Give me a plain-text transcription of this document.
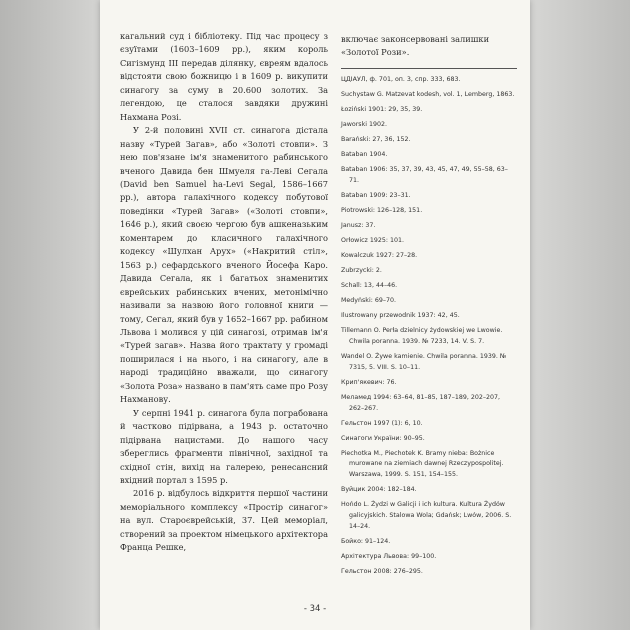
кагальний суд і бібліотеку. Під час процесу з єзуїтами (1603–1609 рр.), яким король Сигізмунд ІІІ передав ділянку, євреям вдалось відстояти свою божницю і в 1609 р. викупити синагогу за суму в 20.600 золотих. За легендою, це сталося завдяки дружині Нахмана Розі.

У 2-й половині XVII ст. синагога дістала назву «Турей Загав», або «Золоті стовпи». З нею пов'язане ім'я знаменитого рабинського вченого Давида бен Шмуеля га-Леві Сегала (David ben Samuel ha-Levi Segal, 1586–1667 рр.), автора галахічного кодексу побутової поведінки «Турей Загав» («Золоті стовпи», 1646 р.), який своєю чергою був ашкеназьким коментарем до класичного галахічного кодексу «Шулхан Арух» («Накритий стіл», 1563 р.) сефардського вченого Йосефа Каро. Давида Сегала, як і багатьох знаменитих єврейських рабинських вчених, метонімічно називали за назвою його головної книги — тому, Сегал, який був у 1652–1667 рр. рабином Львова і молився у цій синагозі, отримав ім'я «Турей загав». Назва його трактату у громаді поширилася і на нього, і на синагогу, але в народі традиційно вважали, що синагогу «Золота Роза» названо в пам'ять саме про Розу Нахманову.

У серпні 1941 р. синагога була пограбована й частково підірвана, а 1943 р. остаточно підірвана нацистами. До нашого часу збереглись фрагменти північної, західної та східної стін, вихід на галерею, ренесансний вхідний портал з 1595 р.

2016 р. відбулось відкриття першої частини меморіального комплексу «Простір синагог» на вул. Староєврейській, 37. Цей меморіал, створений за проектом німецького архітектора Франца Решке,

включає законсервовані залишки «Золотої Рози».
ЦДІАУЛ, ф. 701, оп. 3, спр. 333, 683.
Suchystaw G. Matzevat kodesh, vol. 1, Lemberg, 1863.
Łoziński 1901: 29, 35, 39.
Jaworski 1902.
Barański: 27, 36, 152.
Bataban 1904.
Bataban 1906: 35, 37, 39, 43, 45, 47, 49, 55–58, 63–71.
Bataban 1909: 23–31.
Piotrowski: 126–128, 151.
Janusz: 37.
Orłowicz 1925: 101.
Kowalczuk 1927: 27–28.
Zubrzycki: 2.
Schall: 13, 44–46.
Medyński: 69–70.
Ilustrowany przewodnik 1937: 42, 45.
Tillemann O. Perła dzielnicy żydowskiej we Lwowie. Chwila poranna. 1939. № 7233, 14. V. S. 7.
Wandel O. Żywe kamienie. Chwila poranna. 1939. № 7315, 5. VIII. S. 10–11.
Крип'якевич: 76.
Меламед 1994: 63–64, 81–85, 187–189, 202–207, 262–267.
Гельстон 1997 (1): 6, 10.
Синагоги України: 90–95.
Piechotka M., Piechotek K. Bramy nieba: Bożnice murowane na ziemiach dawnej Rzeczypospolitej. Warszawa, 1999. S. 151, 154–155.
Вуйцик 2004: 182–184.
Hońdo L. Żydzi w Galicji i ich kultura. Kultura Żydów galicyjskich. Stalowa Wola; Gdańsk; Lwów, 2006. S. 14–24.
Бойко: 91–124.
Архітектура Львова: 99–100.
Гельстон 2008: 276–295.
- 34 -
